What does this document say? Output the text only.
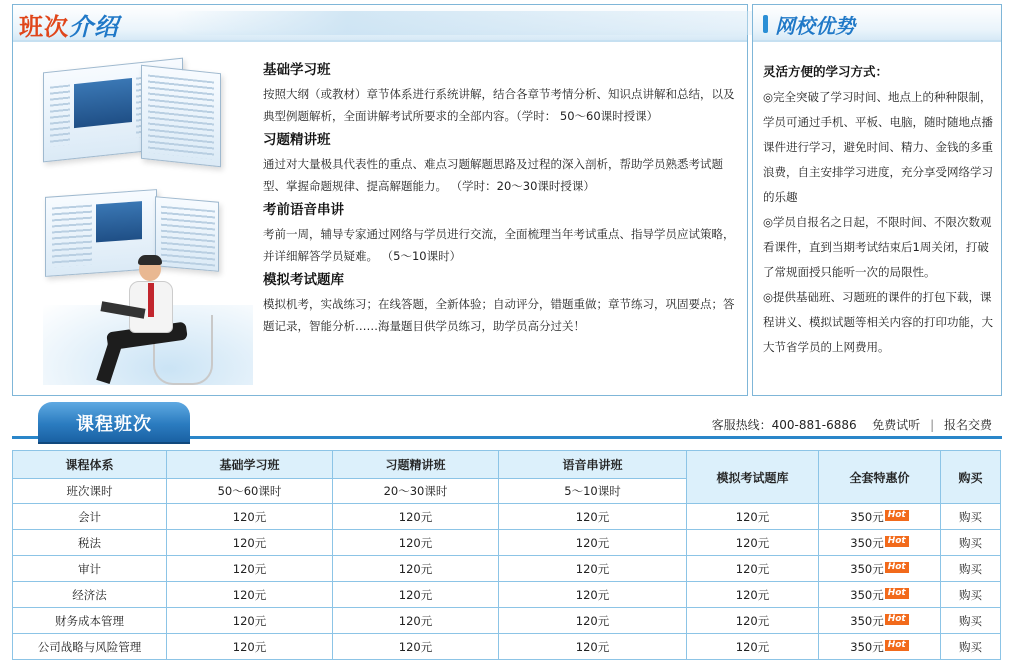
班次介绍
基础学习班
按照大纲（或教材）章节体系进行系统讲解，结合各章节考情分析、知识点讲解和总结，以及典型例题解析，全面讲解考试所要求的全部内容。（学时： 50～60课时授课）
习题精讲班
通过对大量极具代表性的重点、难点习题解题思路及过程的深入剖析，帮助学员熟悉考试题型、掌握命题规律、提高解题能力。 （学时：20～30课时授课）
考前语音串讲
考前一周，辅导专家通过网络与学员进行交流，全面梳理当年考试重点、指导学员应试策略，并详细解答学员疑难。 （5～10课时）
模拟考试题库
模拟机考，实战练习；在线答题，全新体验；自动评分，错题重做；章节练习，巩固要点；答题记录，智能分析……海量题目供学员练习，助学员高分过关！
网校优势
灵活方便的学习方式：
◎完全突破了学习时间、地点上的种种限制，学员可通过手机、平板、电脑，随时随地点播课件进行学习，避免时间、精力、金钱的多重浪费，自主安排学习进度，充分享受网络学习的乐趣
◎学员自报名之日起，不限时间、不限次数观看课件，直到当期考试结束后1周关闭，打破了常规面授只能听一次的局限性。
◎提供基础班、习题班的课件的打包下载，课程讲义、模拟试题等相关内容的打印功能，大大节省学员的上网费用。
课程班次	客服热线：400-881-6886 免费试听 | 报名交费
课程体系	基础学习班	习题精讲班	语音串讲班	模拟考试题库	全套特惠价	购买
班次课时	50～60课时	20～30课时	5～10课时			
会计	120元	120元	120元	120元	350元 Hot	购买
税法	120元	120元	120元	120元	350元 Hot	购买
审计	120元	120元	120元	120元	350元 Hot	购买
经济法	120元	120元	120元	120元	350元 Hot	购买
财务成本管理	120元	120元	120元	120元	350元 Hot	购买
公司战略与风险管理	120元	120元	120元	120元	350元 Hot	购买
